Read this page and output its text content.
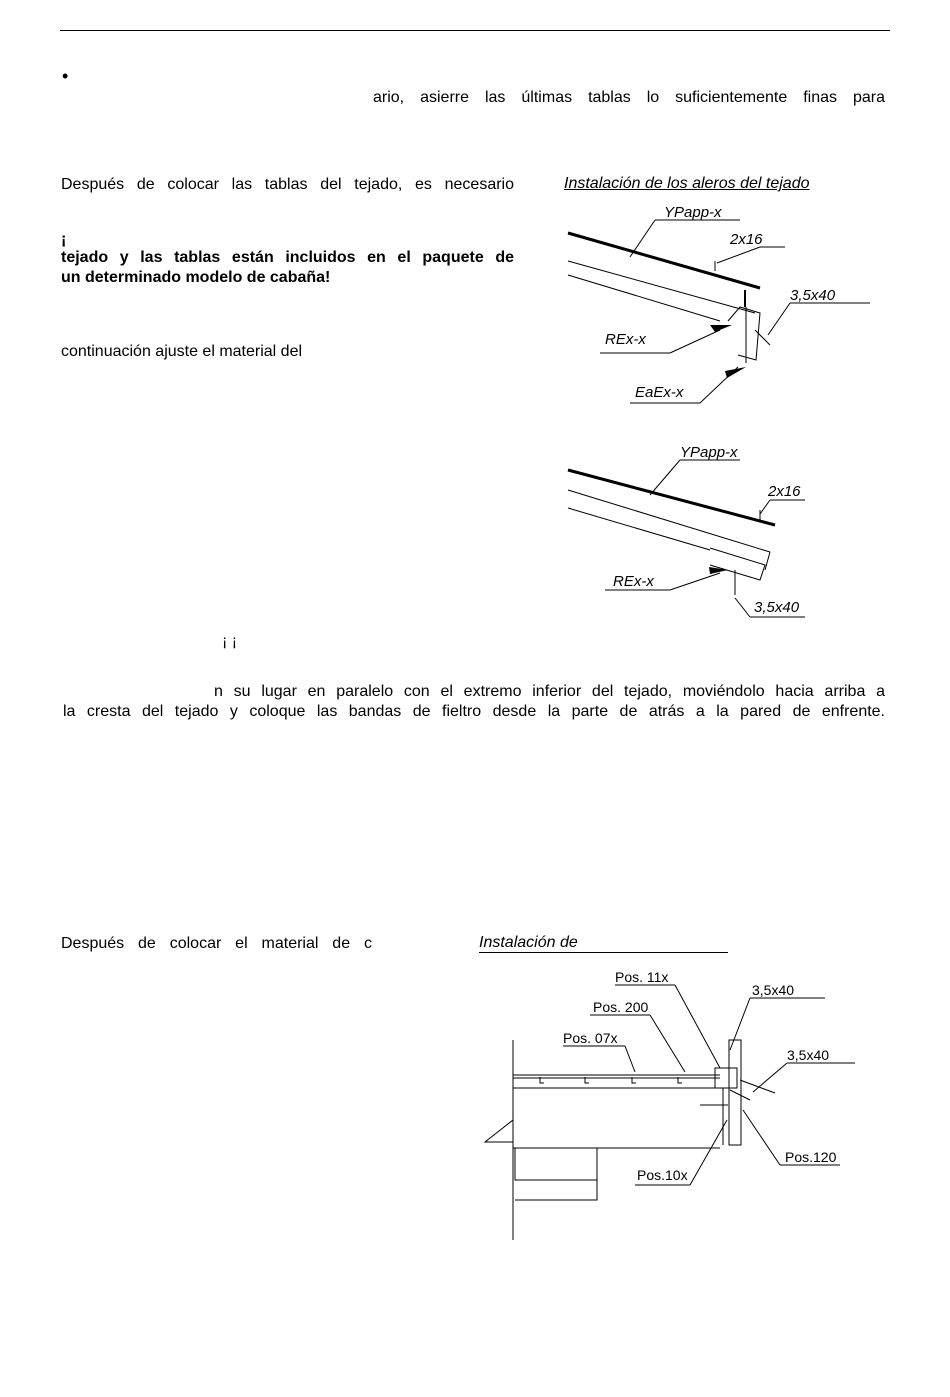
•
ario, asierre las últimas tablas lo suficientemente finas para
Después de colocar las tablas del tejado, es necesario
¡
tejado y las tablas están incluidos en el paquete de
un determinado modelo de cabaña!
continuación ajuste el material del
¡ ¡
n su lugar en paralelo con el extremo inferior del tejado, moviéndolo hacia arriba a
la cresta del tejado y coloque las bandas de fieltro desde la parte de atrás a la pared de enfrente.
Después de colocar el material de c
Instalación de los aleros del tejado
YPapp-x
2x16
3,5x40
REx-x
EaEx-x
YPapp-x
2x16
REx-x
3,5x40
Instalación de
Pos. 11x
3,5x40
Pos. 200
Pos. 07x
3,5x40
Pos.120
Pos.10x
